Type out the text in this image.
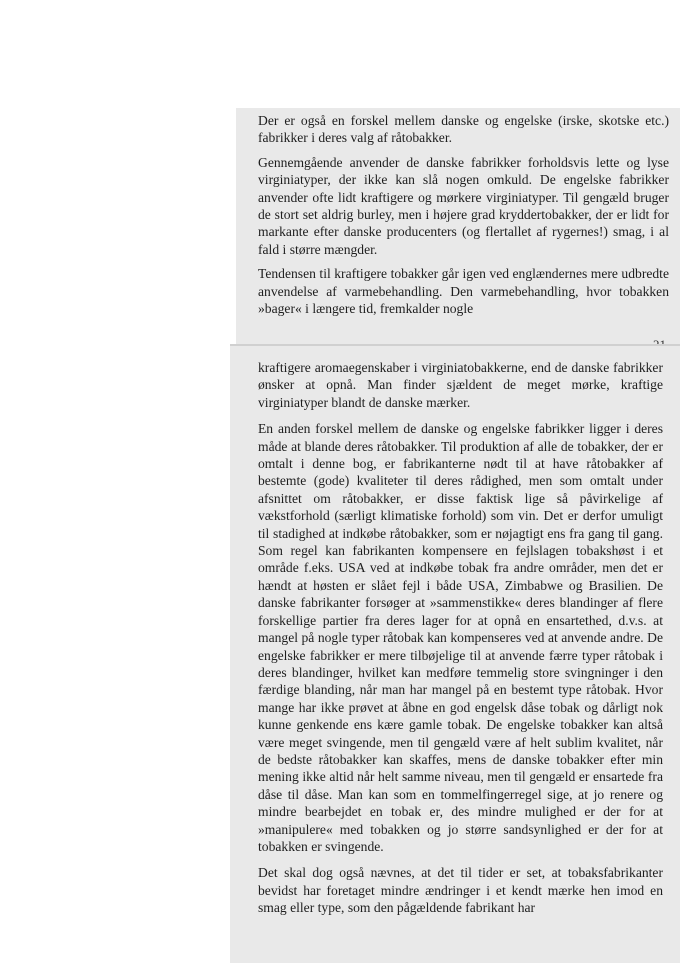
Der er også en forskel mellem danske og engelske (irske, skotske etc.) fabrikker i deres valg af råtobakker.

Gennemgående anvender de danske fabrikker forholdsvis lette og lyse virginiatyper, der ikke kan slå nogen omkuld. De engelske fabrikker anvender ofte lidt kraftigere og mørkere virginiatyper. Til gengæld bruger de stort set aldrig burley, men i højere grad kryddertobakker, der er lidt for markante efter danske producenters (og flertallet af rygernes!) smag, i al fald i større mængder.

Tendensen til kraftigere tobakker går igen ved englændernes mere udbredte anvendelse af varmebehandling. Den varmebehandling, hvor tobakken »bager« i længere tid, fremkalder nogle

kraftigere aromaegenskaber i virginiatobakkerne, end de danske fabrikker ønsker at opnå. Man finder sjældent de meget mørke, kraftige virginiatyper blandt de danske mærker.

En anden forskel mellem de danske og engelske fabrikker ligger i deres måde at blande deres råtobakker. Til produktion af alle de tobakker, der er omtalt i denne bog, er fabrikanterne nødt til at have råtobakker af bestemte (gode) kvaliteter til deres rådighed, men som omtalt under afsnittet om råtobakker, er disse faktisk lige så påvirkelige af vækstforhold (særligt klimatiske forhold) som vin. Det er derfor umuligt til stadighed at indkøbe råtobakker, som er nøjagtigt ens fra gang til gang. Som regel kan fabrikanten kompensere en fejlslagen tobakshøst i et område f.eks. USA ved at indkøbe tobak fra andre områder, men det er hændt at høsten er slået fejl i både USA, Zimbabwe og Brasilien. De danske fabrikanter forsøger at »sammenstikke« deres blandinger af flere forskellige partier fra deres lager for at opnå en ensartethed, d.v.s. at mangel på nogle typer råtobak kan kompenseres ved at anvende andre. De engelske fabrikker er mere tilbøjelige til at anvende færre typer råtobak i deres blandinger, hvilket kan medføre temmelig store svingninger i den færdige blanding, når man har mangel på en bestemt type råtobak. Hvor mange har ikke prøvet at åbne en god engelsk dåse tobak og dårligt nok kunne genkende ens kære gamle tobak. De engelske tobakker kan altså være meget svingende, men til gengæld være af helt sublim kvalitet, når de bedste råtobakker kan skaffes, mens de danske tobakker efter min mening ikke altid når helt samme niveau, men til gengæld er ensartede fra dåse til dåse. Man kan som en tommelfingerregel sige, at jo renere og mindre bearbejdet en tobak er, des mindre mulighed er der for at »manipulere« med tobakken og jo større sandsynlighed er der for at tobakken er svingende.

Det skal dog også nævnes, at det til tider er set, at tobaksfabrikanter bevidst har foretaget mindre ændringer i et kendt mærke hen imod en smag eller type, som den pågældende fabrikant har
